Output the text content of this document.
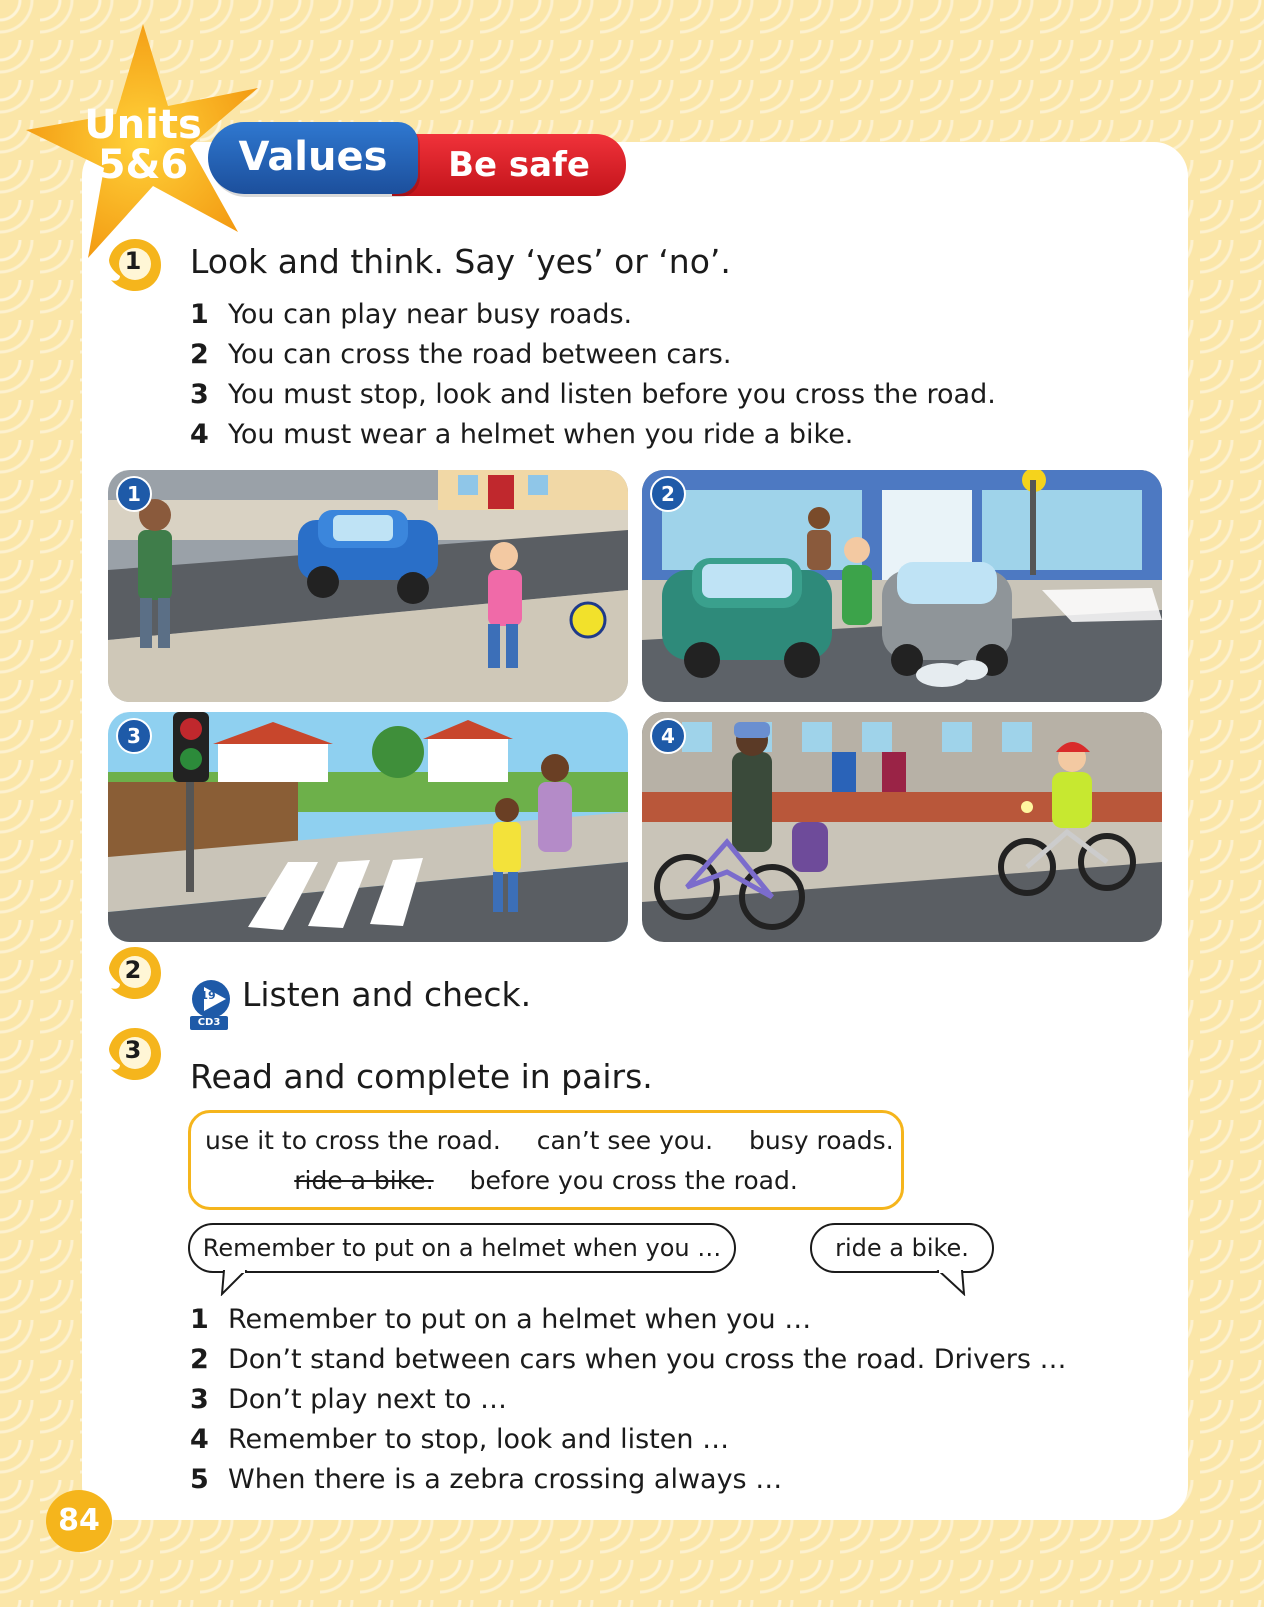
Units
5&6	Values	Be safe
1 Look and think. Say ‘yes’ or ‘no’.
1 You can play near busy roads.
2 You can cross the road between cars.
3 You must stop, look and listen before you cross the road.
4 You must wear a helmet when you ride a bike.
1	2
3	4
2
19
CD3
Listen and check.
3
Read and complete in pairs.
use it to cross the road. can’t see you. busy roads.
ride a bike. before you cross the road.
Remember to put on a helmet when you …	ride a bike.
1 Remember to put on a helmet when you …
2 Don’t stand between cars when you cross the road. Drivers …
3 Don’t play next to …
4 Remember to stop, look and listen …
5 When there is a zebra crossing always …
84
